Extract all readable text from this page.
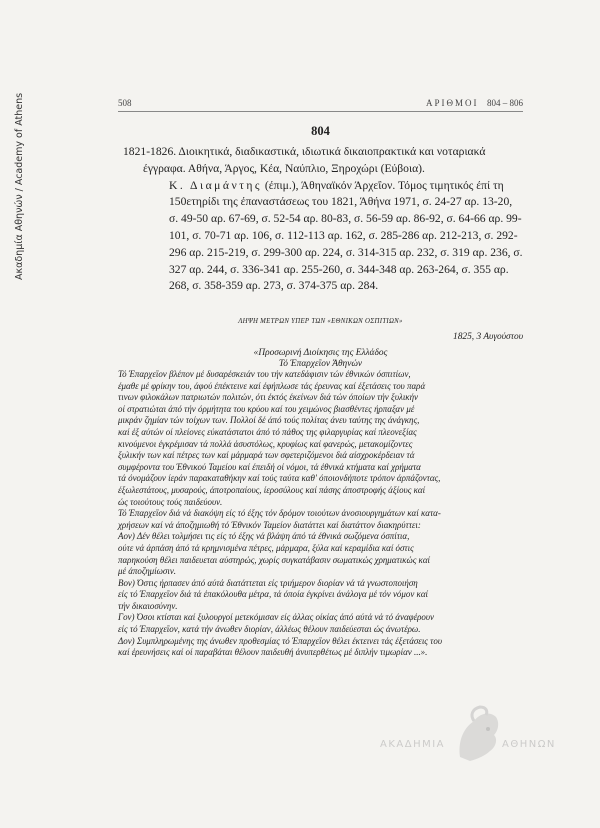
Ακαδημία Αθηνών / Academy of Athens	508	ΑΡΙΘΜΟΙ 804 – 806
804

1821-1826. Διοικητικά, διαδικαστικά, ιδιωτικά δικαιοπρακτικά και νοταριακά έγγραφα. Αθήνα, Άργος, Κέα, Ναύπλιο, Ξηροχώρι (Εύβοια).

Κ. Διαμάντης (έπιμ.), Άθηναϊκόν Άρχεΐον. Τόμος τιμητικός έπί τη 150ετηρίδι της έπαναστάσεως του 1821, Άθήνα 1971, σ. 24-27 αρ. 13-20, σ. 49-50 αρ. 67-69, σ. 52-54 αρ. 80-83, σ. 56-59 αρ. 86-92, σ. 64-66 αρ. 99-101, σ. 70-71 αρ. 106, σ. 112-113 αρ. 162, σ. 285-286 αρ. 212-213, σ. 292-296 αρ. 215-219, σ. 299-300 αρ. 224, σ. 314-315 αρ. 232, σ. 319 αρ. 236, σ. 327 αρ. 244, σ. 336-341 αρ. 255-260, σ. 344-348 αρ. 263-264, σ. 355 αρ. 268, σ. 358-359 αρ. 273, σ. 374-375 αρ. 284.

ΛΗΨΗ ΜΕΤΡΩΝ ΥΠΕΡ ΤΩΝ «ΕΘΝΙΚΩΝ ΟΣΠΙΤΙΩΝ»
1825, 3 Αυγούστου
«Προσωρινή Διοίκησις της Ελλάδος
Τό Έπαρχεΐον Άθηνών
Τό Έπαρχεΐον βλέπον μέ δυσαρέσκειάν του τήν κατεδάφισιν τών έθνικών όσπιτίων,
έμαθε μέ φρίκην του, άφού έπέκτεινε καί έφήπλωσε τάς έρευνας καί έξετάσεις του παρά
τινων φιλοκάλων πατριωτών πολιτών, ότι έκτός έκείνων διά τών όποίων τήν ξυλικήν
οί στρατιώται άπό τήν όρμήτητα του κρύου καί του χειμώνος βιασθέντες ήρπαξαν μέ
μικράν ζημίαν τών τοίχων των. Πολλοί δέ άπό τούς πολίτας άνευ ταύτης της άνάγκης,
καί έξ αύτών οί πλείονες εύκατάστατοι άπό τό πάθος της φιλαργυρίας καί πλεονεξίας
κινούμενοι έγκρέμισαν τά πολλά άσυστόλως, κρυφίως καί φανερώς, μετακομίζοντες
ξυλικήν των καί πέτρες των καί μάρμαρά των σφετεριζόμενοι διά αίσχροκέρδειαν τά
συμφέροντα του Έθνικού Ταμείου καί έπειδή οί νόμοι, τά έθνικά κτήματα καί χρήματα
τά όνομάζουν ίεράν παρακαταθήκην καί τούς ταύτα καθ' όποιονδήποτε τρόπον άρπάζοντας,
έξωλεστάτους, μυσαρούς, άποτροπαίους, ίεροσύλους καί πάσης άποστροφής άξίους καί
ώς τοιούτους τούς παιδεύουν.
Τό Έπαρχεΐον διά νά διακόψη είς τό έξης τόν δρόμον τοιούτων άνοσιουργημάτων καί κατα-
χρήσεων καί νά άποζημιωθή τό Έθνικόν Ταμείον διατάττει καί διατάττον διακηρύττει:
Αον) Δέν θέλει τολμήσει τις είς τό έξης νά βλάψη άπό τά έθνικά σωζόμενα όσπίτια,
ούτε νά άρπάση άπό τά κρημνισμένα πέτρες, μάρμαρα, ξύλα καί κεραμίδια καί όστις
παρηκούση θέλει παιδευεται αύστηρώς, χωρίς συγκατάβασιν σωματικώς χρηματικώς καί
μέ άποζημίωσιν.
Βον) Όστις ήρπασεν άπό αύτά διατάττεται είς τριήμερον διορίαν νά τά γνωστοποιήση
είς τό Έπαρχεΐον διά τά έπακόλουθα μέτρα, τά όποία έγκρίνει άνάλογα μέ τόν νόμον καί
τήν δικαιοσύνην.
Γον) Όσοι κτίσται καί ξυλουργοί μετεκόμισαν είς άλλας οίκίας άπό αύτά νά τό άναφέρουν
είς τό Έπαρχεΐον, κατά τήν άνωθεν διορίαν, άλλέως θέλουν παιδεύεσται ώς άνωτέρω.
Δον) Συμπληρωμένης της άνωθεν προθεσμίας τό Έπαρχεΐον θέλει έκτεινει τάς έξετάσεις του
καί έρευνήσεις καί οί παραβάται θέλουν παιδευθή άνυπερθέτως μέ διπλήν τιμωρίαν ...».
ΑΚΑΔΗΜΙΑ	ΑΘΗΝΩΝ
